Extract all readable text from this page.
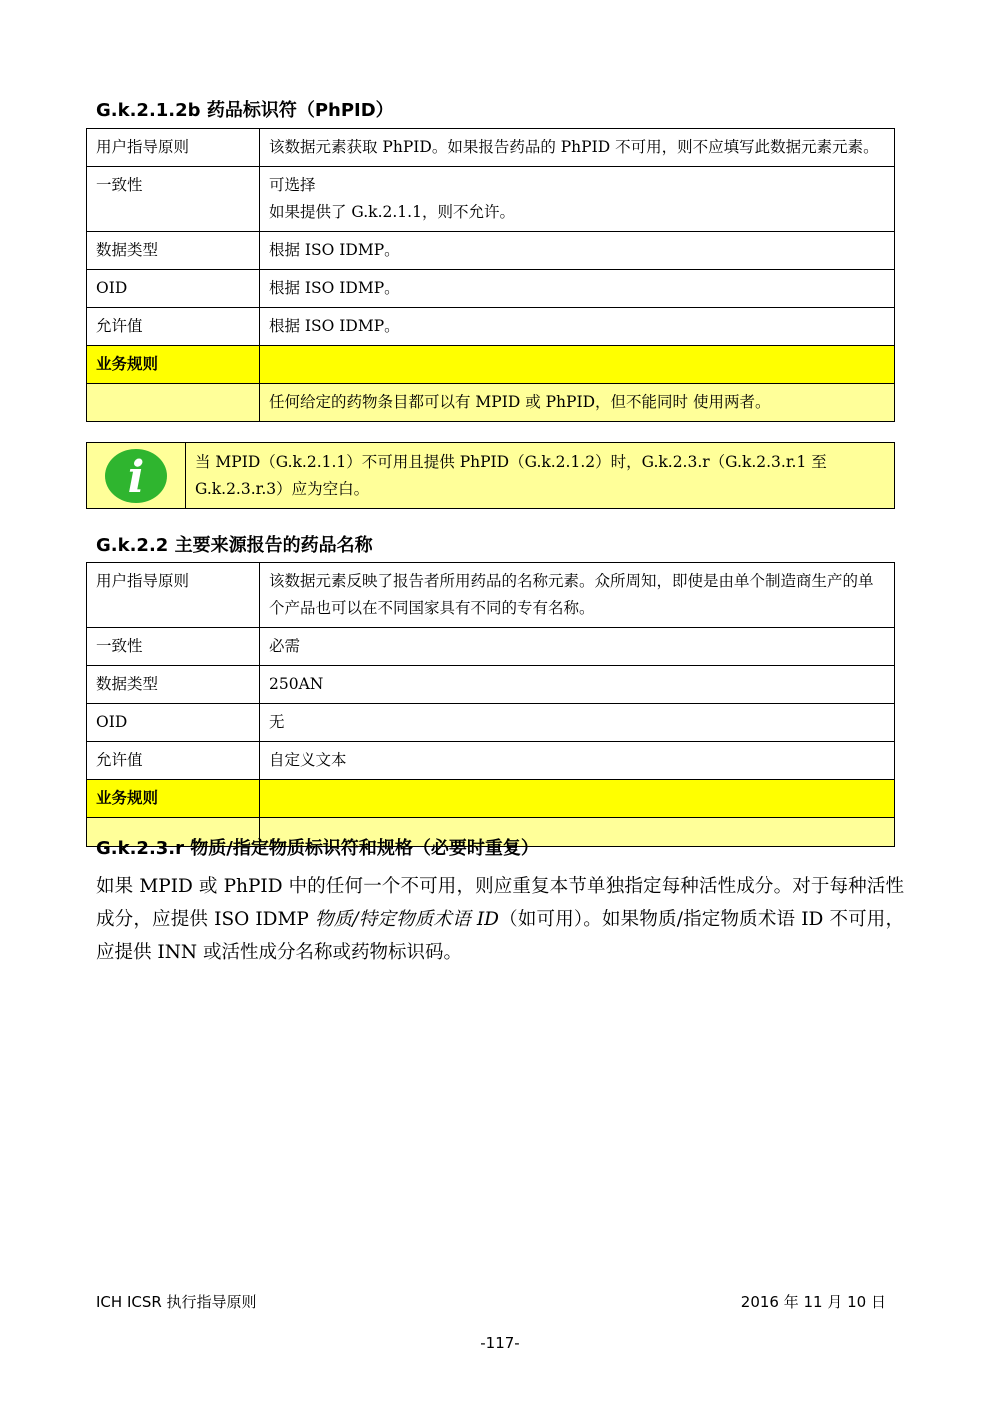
G.k.2.1.2b 药品标识符（PhPID）
用户指导原则	该数据元素获取 PhPID。如果报告药品的 PhPID 不可用，则不应填写此数据元素元素。
一致性	可选择
如果提供了 G.k.2.1.1，则不允许。

数据类型	根据 ISO IDMP。
OID	根据 ISO IDMP。
允许值	根据 ISO IDMP。
业务规则	
	任何给定的药物条目都可以有 MPID 或 PhPID，但不能同时 使用两者。
i	当 MPID（G.k.2.1.1）不可用且提供 PhPID（G.k.2.1.2）时，G.k.2.3.r（G.k.2.3.r.1 至 G.k.2.3.r.3）应为空白。
G.k.2.2 主要来源报告的药品名称
用户指导原则	该数据元素反映了报告者所用药品的名称元素。众所周知，即使是由单个制造商生产的单个产品也可以在不同国家具有不同的专有名称。
一致性	必需
数据类型	250AN
OID	无
允许值	自定义文本
业务规则	

G.k.2.3.r 物质/指定物质标识符和规格（必要时重复）
如果 MPID 或 PhPID 中的任何一个不可用，则应重复本节单独指定每种活性成分。对于每种活性成分，应提供 ISO IDMP 物质/特定物质术语 ID（如可用）。如果物质/指定物质术语 ID 不可用，应提供 INN 或活性成分名称或药物标识码。
ICH ICSR 执行指导原则	2016 年 11 月 10 日
-117-
